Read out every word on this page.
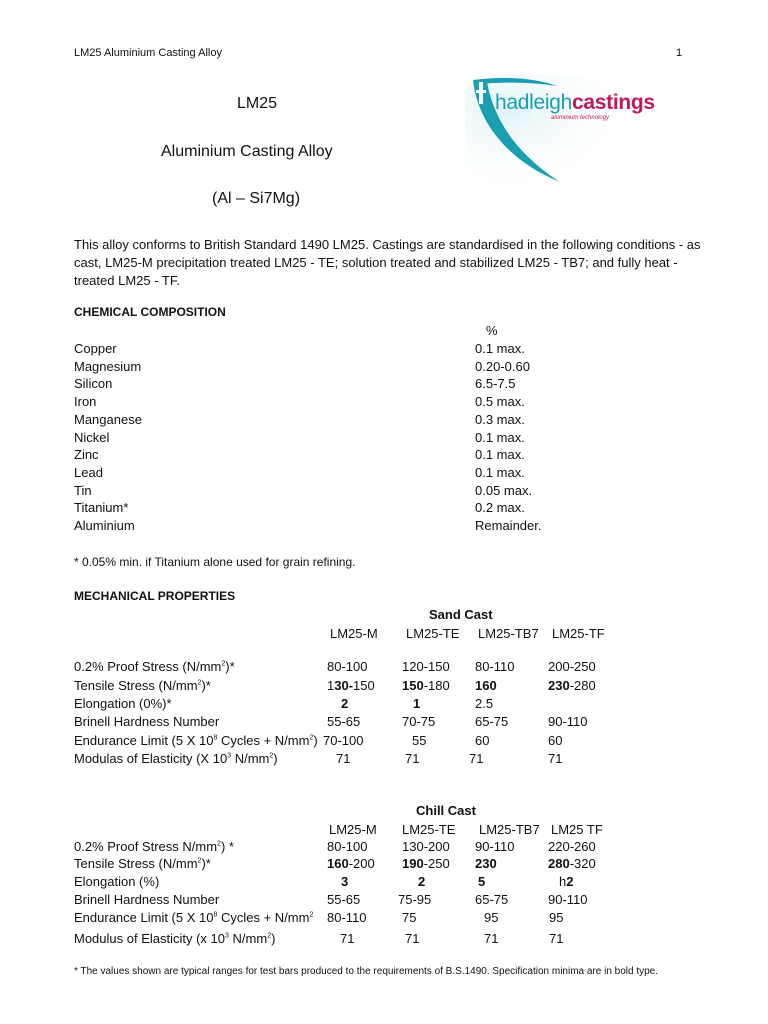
LM25 Aluminium Casting Alloy	1
LM25
Aluminium Casting Alloy
(Al – Si7Mg)
hadleighcastings
aluminium technology
This alloy conforms to British Standard 1490 LM25. Castings are standardised in the following conditions - as cast, LM25-M precipitation treated LM25 - TE; solution treated and stabilized LM25 - TB7; and fully heat - treated LM25 - TF.
CHEMICAL COMPOSITION
%
Copper	0.1 max.
Magnesium	0.20-0.60
Silicon	6.5-7.5
Iron	0.5 max.
Manganese	0.3 max.
Nickel	0.1 max.
Zinc	0.1 max.
Lead	0.1 max.
Tin	0.05 max.
Titanium*	0.2 max.
Aluminium	Remainder.
* 0.05% min. if Titanium alone used for grain refining.
MECHANICAL PROPERTIES
Sand Cast
LM25-M LM25-TE LM25-TB7 LM25-TF
0.2% Proof Stress $(N/mm^2)*$	80-100	120-150 80-110	200-250
Tensile Stress $(N/mm^2)*$	130-150 150-180 160	230-280
Elongation (0%)*	2	1	2.5
Brinell Hardness Number	55-65	70-75	65-75	90-110
Endurance Limit (5 X $10^8$ Cycles + $N/mm^2$) 70-100	55	60	60
Modulas of Elasticity (X $10^3$ $N/mm^2$)	71	71	71	71
Chill Cast
LM25-M LM25-TE LM25-TB7 LM25 TF
0.2% Proof Stress $N/mm^2$) *	80-100	130-200 90-110	220-260
Tensile Stress $(N/mm^2)*$	160-200 190-250 230	280-320
Elongation (%)	3	2	5	h2
Brinell Hardness Number	55-65	75-95	65-75	90-110
Endurance Limit (5 X $10^8$ Cycles + $N/mm^2$ 80-110	75	95	95
Modulus of Elasticity (x $10^3$ $N/mm^2$)	71	71	71	71
* The values shown are typical ranges for test bars produced to the requirements of B.S.1490. Specification minima are in bold type.
